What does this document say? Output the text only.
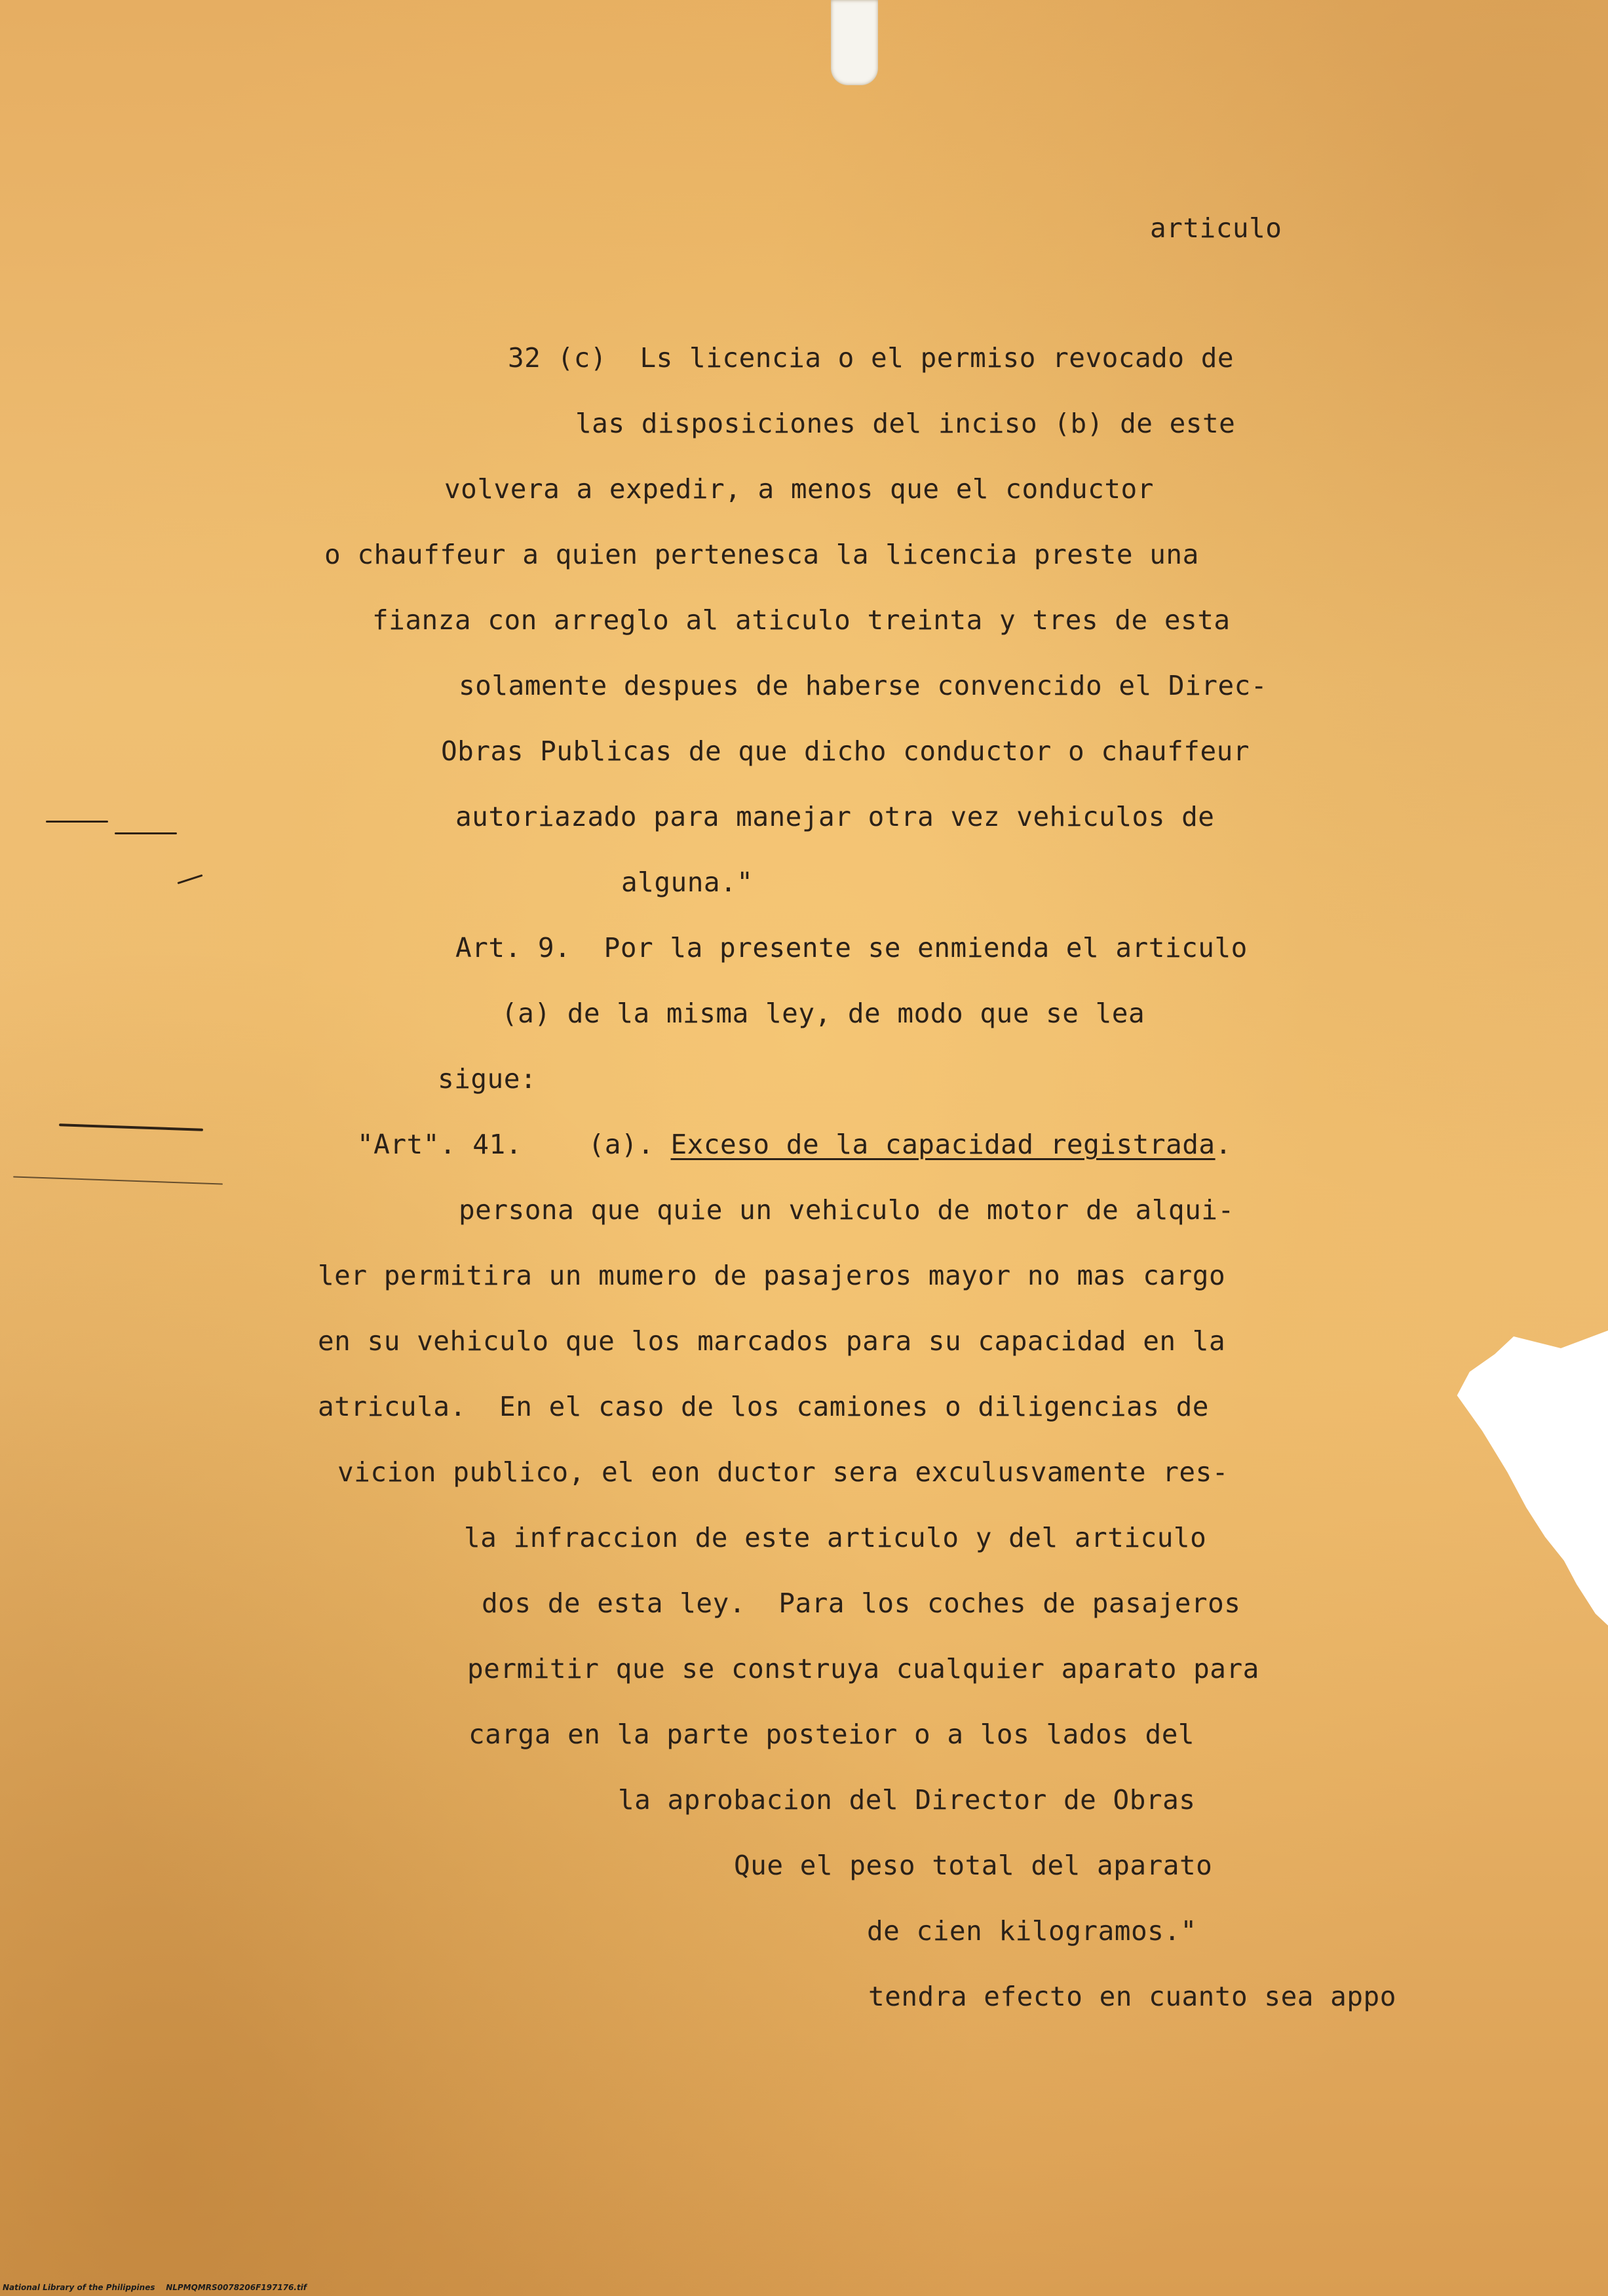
articulo
32 (c)  Ls licencia o el permiso revocado de
las disposiciones del inciso (b) de este
volvera a expedir, a menos que el conductor
o chauffeur a quien pertenesca la licencia preste una
fianza con arreglo al aticulo treinta y tres de esta
solamente despues de haberse convencido el Direc-
Obras Publicas de que dicho conductor o chauffeur
autoriazado para manejar otra vez vehiculos de
alguna."
Art. 9.  Por la presente se enmienda el articulo
(a) de la misma ley, de modo que se lea
sigue:
"Art". 41.    (a). Exceso de la capacidad registrada.
persona que quie un vehiculo de motor de alqui-
ler permitira un mumero de pasajeros mayor no mas cargo
en su vehiculo que los marcados para su capacidad en la
atricula.  En el caso de los camiones o diligencias de
vicion publico, el eon ductor sera exculusvamente res-
la infraccion de este articulo y del articulo
dos de esta ley.  Para los coches de pasajeros
permitir que se construya cualquier aparato para
carga en la parte posteior o a los lados del
la aprobacion del Director de Obras
Que el peso total del aparato
de cien kilogramos."
tendra efecto en cuanto sea appo
National Library of the Philippines    NLPMQMRS0078206F197176.tif
